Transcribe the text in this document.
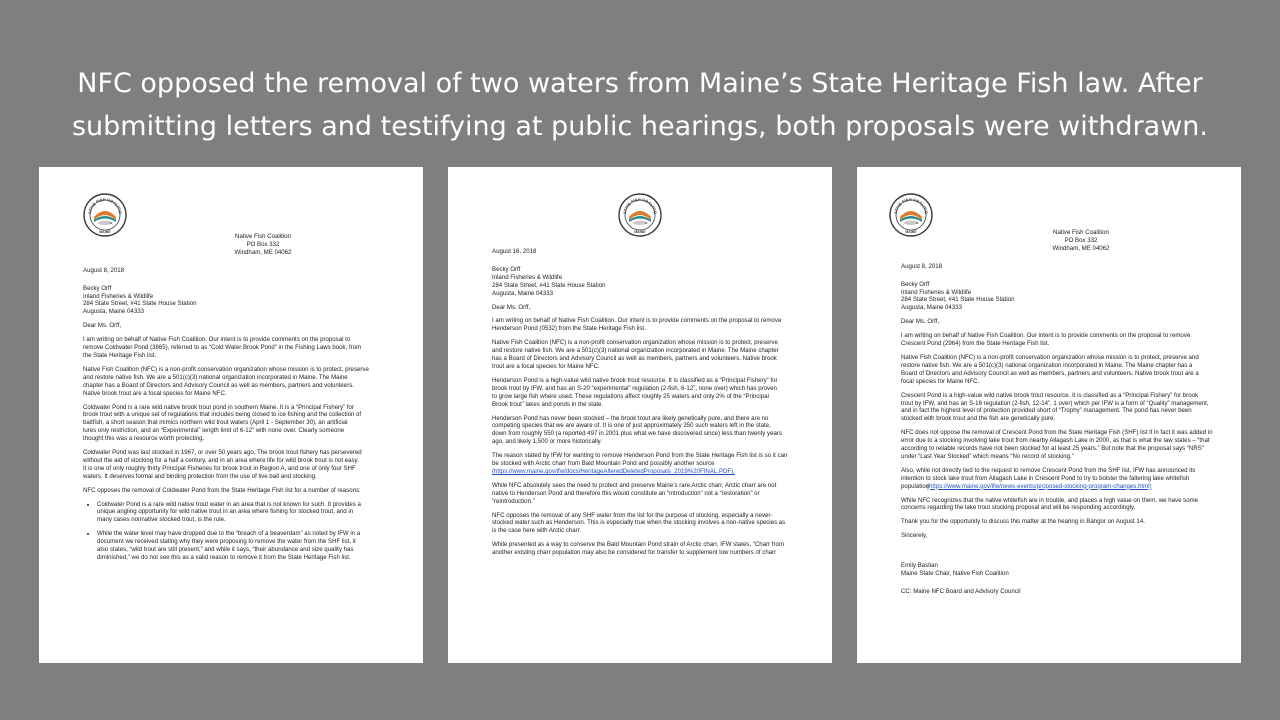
NFC opposed the removal of two waters from Maine’s State Heritage Fish law. After
submitting letters and testifying at public hearings, both proposals were withdrawn.
ATIVE FISH COALITIO
MAINE
Native Fish Coalition
PO Box 332
Windham, ME 04062
August 8, 2018
Becky Orff
Inland Fisheries & Wildlife
284 State Street, #41 State House Station
Augusta, Maine 04333
Dear Ms. Orff,
I am writing on behalf of Native Fish Coalition. Our intent is to provide comments on the proposal to
remove Coldwater Pond (3865), referred to as “Cold Water Brook Pond” in the Fishing Laws book, from
the State Heritage Fish list.
Native Fish Coalition (NFC) is a non-profit conservation organization whose mission is to protect, preserve
and restore native fish. We are a 501(c)(3) national organization incorporated in Maine. The Maine
chapter has a Board of Directors and Advisory Council as well as members, partners and volunteers.
Native brook trout are a focal species for Maine NFC.
Coldwater Pond is a rare wild native brook trout pond in southern Maine. It is a “Principal Fishery” for
brook trout with a unique set of regulations that includes being closed to ice fishing and the collection of
baitfish, a short season that mimics northern wild trout waters (April 1 - September 30), an artificial
lures only restriction, and an “Experimental” length limit of 6-12” with none over. Clearly someone
thought this was a resource worth protecting.
Coldwater Pond was last stocked in 1967, or over 50 years ago. The brook trout fishery has persevered
without the aid of stocking for a half a century, and in an area where life for wild brook trout is not easy.
It is one of only roughly thirty Principal Fisheries for brook trout in Region A, and one of only four SHF
waters. It deserves formal and binding protection from the use of live bait and stocking.
NFC opposes the removal of Coldwater Pond from the State Heritage Fish list for a number of reasons:
• Coldwater Pond is a rare wild native trout water in an area that is not known for such. It provides a
unique angling opportunity for wild native trout in an area where fishing for stocked trout, and in
many cases nonnative stocked trout, is the rule.
• While the water level may have dropped due to the “breach of a beaverdam” as noted by IFW in a
document we received stating why they were proposing to remove the water from the SHF list, it
also states, “wild trout are still present,” and while it says, “their abundance and size quality has
diminished,” we do not see this as a valid reason to remove it from the State Heritage Fish list.
ATIVE FISH COALITIO
MAINE
August 16, 2018
Becky Orff
Inland Fisheries & Wildlife
284 State Street, #41 State House Station
Augusta, Maine 04333
Dear Ms. Orff,
I am writing on behalf of Native Fish Coalition. Our intent is to provide comments on the proposal to remove
Henderson Pond (0532) from the State Heritage Fish list.
Native Fish Coalition (NFC) is a non-profit conservation organization whose mission is to protect, preserve
and restore native fish. We are a 501(c)(3) national organization incorporated in Maine. The Maine chapter
has a Board of Directors and Advisory Council as well as members, partners and volunteers. Native brook
trout are a focal species for Maine NFC.
Henderson Pond is a high-value wild native brook trout resource. It is classified as a “Principal Fishery” for
brook trout by IFW, and has an S-20 “experimental” regulation (2-fish, 6-12”, none over) which has proven
to grow large fish where used. These regulations affect roughly 25 waters and only 2% of the “Principal
Brook trout” lakes and ponds in the state.
Henderson Pond has never been stocked – the brook trout are likely genetically pure, and there are no
competing species that we are aware of. It is one of just approximately 350 such waters left in the state,
down from roughly 550 (a reported 497 in 2001 plus what we have discovered since) less than twenty years
ago, and likely 1,500 or more historically.
The reason stated by IFW for wanting to remove Henderson Pond from the State Heritage Fish list is so it can
be stocked with Arctic charr from Bald Mountain Pond and possibly another source
(https://www.maine.gov/ifw/docs/HeritageAlteredDeletedProposals_2019%20FINAL.PDF).
While NFC absolutely sees the need to protect and preserve Maine’s rare Arctic charr, Arctic charr are not
native to Henderson Pond and therefore this would constitute an “introduction” not a “restoration” or
“reintroduction.”
NFC opposes the removal of any SHF water from the list for the purpose of stocking, especially a never-
stocked water such as Henderson. This is especially true when the stocking involves a non-native species as
is the case here with Arctic charr.
While presented as a way to conserve the Bald Mountain Pond strain of Arctic charr, IFW states, “Charr from
another existing charr population may also be considered for transfer to supplement low numbers of charr
ATIVE FISH COALITIO
MAINE	Native Fish Coalition
PO Box 332
Windham, ME 04062
August 8, 2018
Becky Orff
Inland Fisheries & Wildlife
284 State Street, #41 State House Station
Augusta, Maine 04333
Dear Ms. Orff,
I am writing on behalf of Native Fish Coalition. Our intent is to provide comments on the proposal to remove
Crescent Pond (2964) from the State Heritage Fish list.
Native Fish Coalition (NFC) is a non-profit conservation organization whose mission is to protect, preserve and
restore native fish. We are a 501(c)(3) national organization incorporated in Maine. The Maine chapter has a
Board of Directors and Advisory Council as well as members, partners and volunteers. Native brook trout are a
focal species for Maine NFC.
Crescent Pond is a high-value wild native brook trout resource. It is classified as a “Principal Fishery” for brook
trout by IFW, and has an S-16 regulation (2-fish, 12-14”, 1 over) which per IFW is a form of “Quality” management,
and in fact the highest level of protection provided short of “Trophy” management. The pond has never been
stocked with brook trout and the fish are genetically pure.
NFC does not oppose the removal of Crescent Pond from the State Heritage Fish (SHF) list if in fact it was added in
error due to a stocking involving lake trout from nearby Allagash Lake in 2000, as that is what the law states – “that
according to reliable records have not been stocked for at least 25 years.” But note that the proposal says “NRS”
under “Last Year Stocked” which means “No record of stocking.”
Also, while not directly tied to the request to remove Crescent Pond from the SHF list, IFW has announced its
intention to stock lake trout from Allagash Lake in Crescent Pond to try to bolster the faltering lake whitefish
population
(https://www.maine.gov/ifw/news-events/proposed-stocking-program-changes.html)
While NFC recognizes that the native whitefish are in trouble, and places a high value on them, we have some
concerns regarding the lake trout stocking proposal and will be responding accordingly.
Thank you for the opportunity to discuss this matter at the hearing in Bangor on August 14.
Sincerely,
Emily Bastian
Maine State Chair, Native Fish Coalition
CC: Maine NFC Board and Advisory Council
